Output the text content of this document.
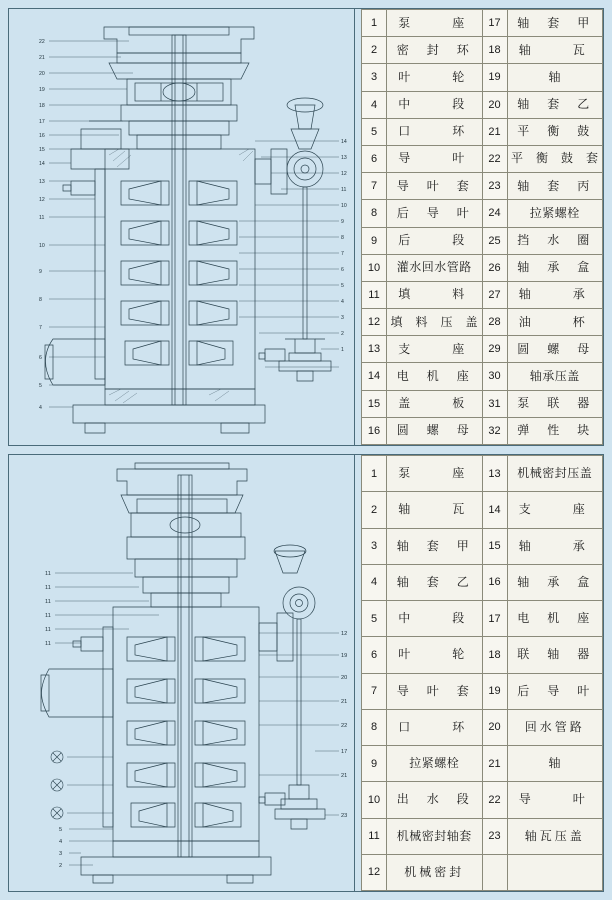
22
21
20
19
18
17
16
15
14
13
12
11
10
9
8
7
6
5
4
14
13
12
11
10
9
8
7
6
5
4
3
2
1
1	泵　　座	17	轴　套　甲
2	密　封　环	18	轴　　瓦
3	叶　　轮	19	轴
4	中　　段	20	轴　套　乙
5	口　　环	21	平　衡　鼓
6	导　　叶	22	平　衡　鼓　套
7	导　叶　套	23	轴　套　丙
8	后　导　叶	24	拉紧螺栓
9	后　　段	25	挡　水　圈
10	灌水回水管路	26	轴　承　盒
11	填　　料	27	轴　　承
12	填　料　压　盖	28	油　　杯
13	支　　座	29	圆　螺　母
14	电　机　座	30	轴承压盖
15	盖　　板	31	泵　联　器
16	圆　螺　母	32	弹　性　块
11
11
11
11
11
11
5
4
3
2
12
19
20
21
22
17
21
23
1	泵　　座	13	机械密封压盖
2	轴　　瓦	14	支　　座
3	轴　套　甲	15	轴　　承
4	轴　套　乙	16	轴　承　盒
5	中　　段	17	电　机　座
6	叶　　轮	18	联　轴　器
7	导　叶　套	19	后　导　叶
8	口　　环	20	回水管路
9	拉紧螺栓	21	轴
10	出　水　段	22	导　　叶
11	机械密封轴套	23	轴瓦压盖
12	机械密封		
